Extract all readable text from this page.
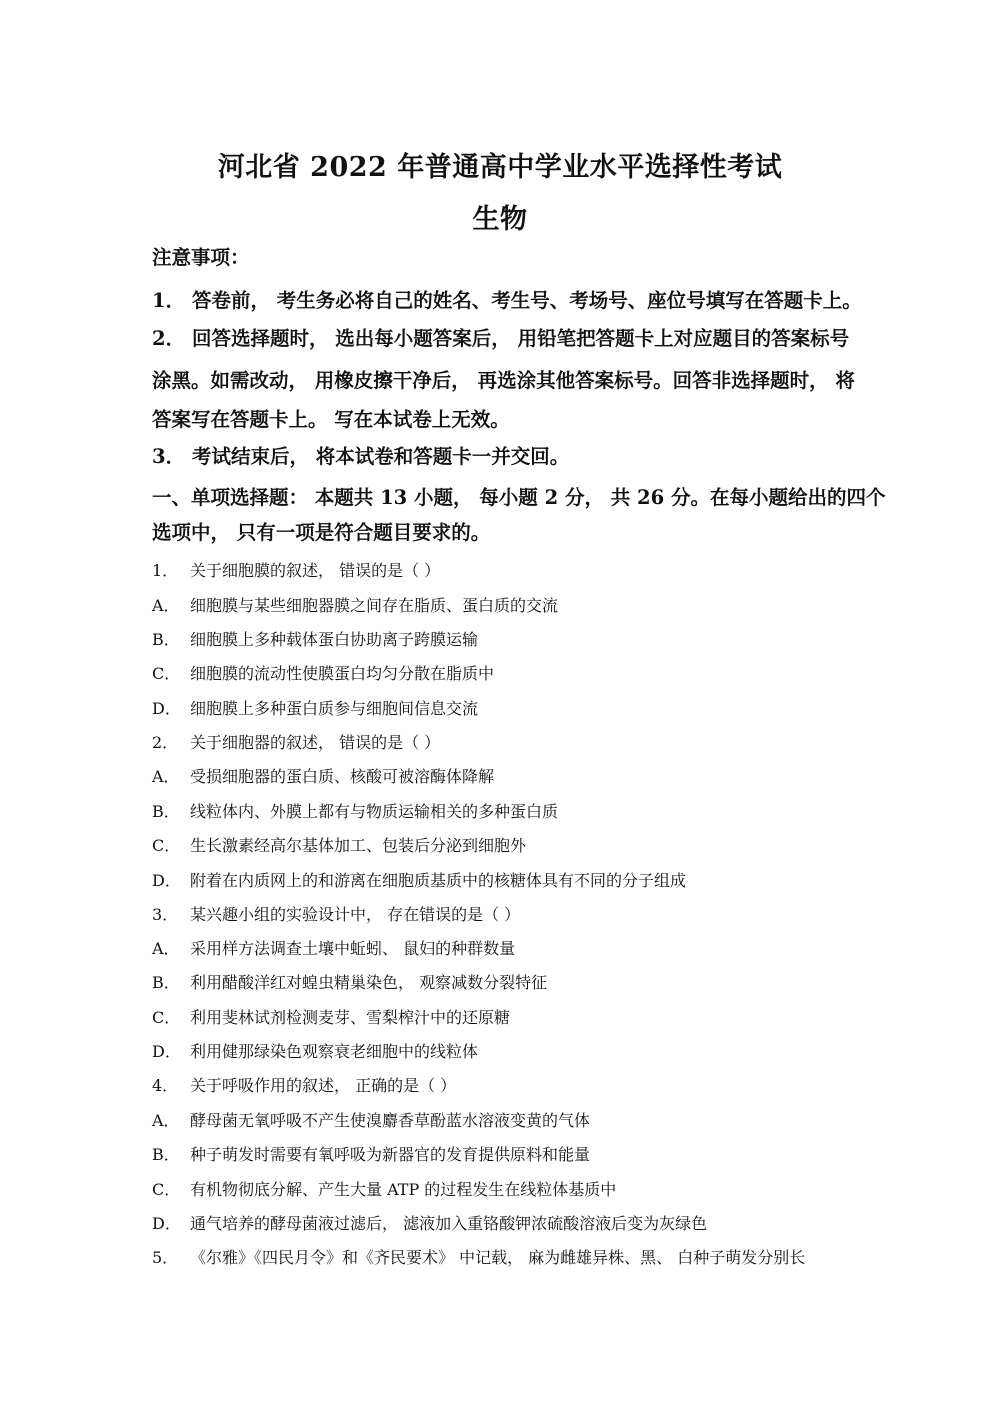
河北省 2022 年普通高中学业水平选择性考试
生物
注意事项：
1． 答卷前， 考生务必将自己的姓名、考生号、考场号、座位号填写在答题卡上。
2． 回答选择题时， 选出每小题答案后， 用铅笔把答题卡上对应题目的答案标号
涂黑。如需改动， 用橡皮擦干净后， 再选涂其他答案标号。回答非选择题时， 将
答案写在答题卡上。 写在本试卷上无效。
3． 考试结束后， 将本试卷和答题卡一并交回。
一、单项选择题： 本题共 13 小题， 每小题 2 分， 共 26 分。在每小题给出的四个
选项中， 只有一项是符合题目要求的。
1． 关于细胞膜的叙述， 错误的是（ ）
A． 细胞膜与某些细胞器膜之间存在脂质、蛋白质的交流
B． 细胞膜上多种载体蛋白协助离子跨膜运输
C． 细胞膜的流动性使膜蛋白均匀分散在脂质中
D． 细胞膜上多种蛋白质参与细胞间信息交流
2． 关于细胞器的叙述， 错误的是（ ）
A． 受损细胞器的蛋白质、核酸可被溶酶体降解
B． 线粒体内、外膜上都有与物质运输相关的多种蛋白质
C． 生长激素经高尔基体加工、包装后分泌到细胞外
D． 附着在内质网上的和游离在细胞质基质中的核糖体具有不同的分子组成
3． 某兴趣小组的实验设计中， 存在错误的是（ ）
A． 采用样方法调查土壤中蚯蚓、 鼠妇的种群数量
B． 利用醋酸洋红对蝗虫精巢染色， 观察减数分裂特征
C． 利用斐林试剂检测麦芽、雪梨榨汁中的还原糖
D． 利用健那绿染色观察衰老细胞中的线粒体
4． 关于呼吸作用的叙述， 正确的是（ ）
A． 酵母菌无氧呼吸不产生使溴麝香草酚蓝水溶液变黄的气体
B． 种子萌发时需要有氧呼吸为新器官的发育提供原料和能量
C． 有机物彻底分解、产生大量 ATP 的过程发生在线粒体基质中
D． 通气培养的酵母菌液过滤后， 滤液加入重铬酸钾浓硫酸溶液后变为灰绿色
5． 《尔雅》《四民月令》和《齐民要术》 中记载， 麻为雌雄异株、黑、 白种子萌发分别长
